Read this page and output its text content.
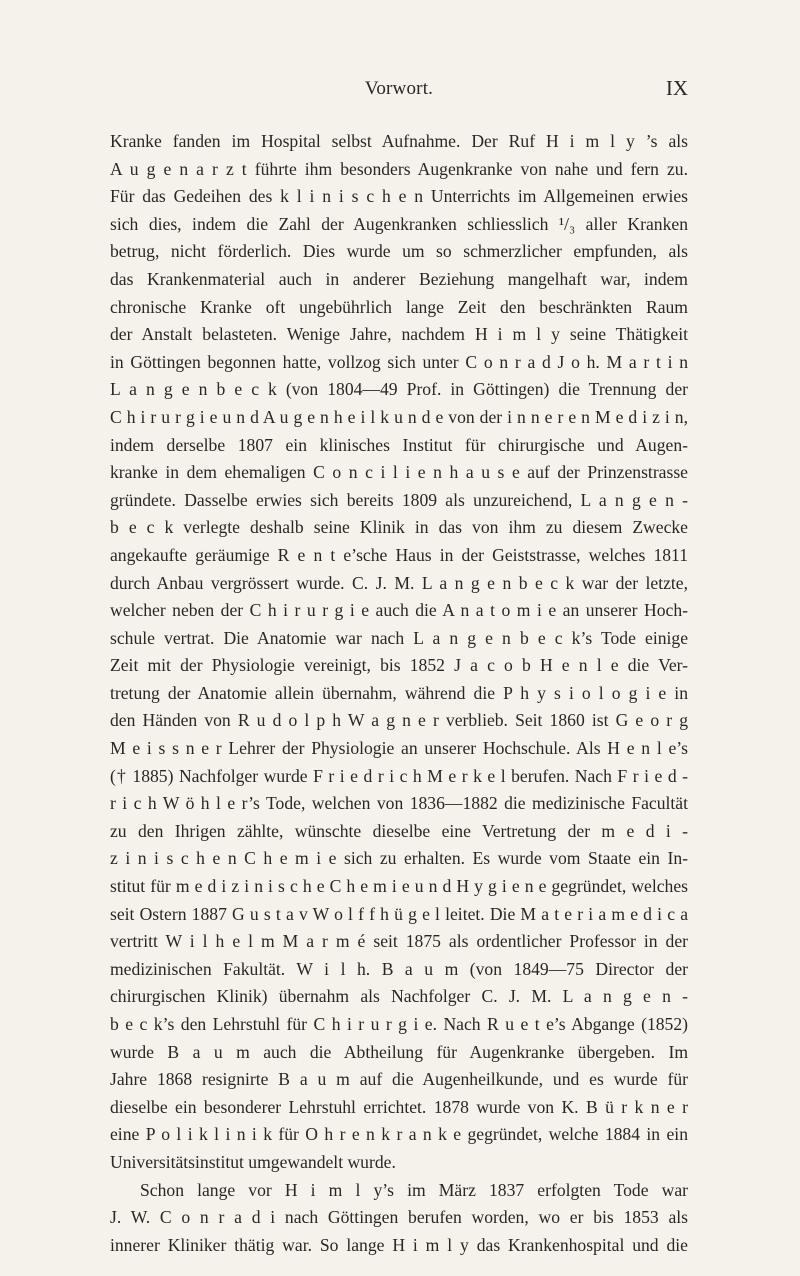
Vorwort.	IX
Kranke fanden im Hospital selbst Aufnahme. Der Ruf H i m l y ’s als
A u g e n a r z t führte ihm besonders Augenkranke von nahe und fern zu.
Für das Gedeihen des k l i n i s c h e n Unterrichts im Allgemeinen erwies
sich dies, indem die Zahl der Augenkranken schliesslich ¹/₃ aller Kranken
betrug, nicht förderlich. Dies wurde um so schmerzlicher empfunden, als
das Krankenmaterial auch in anderer Beziehung mangelhaft war, indem
chronische Kranke oft ungebührlich lange Zeit den beschränkten Raum
der Anstalt belasteten. Wenige Jahre, nachdem H i m l y seine Thätigkeit
in Göttingen begonnen hatte, vollzog sich unter C o n r a d J o h. M a r t i n
L a n g e n b e c k (von 1804—49 Prof. in Göttingen) die Trennung der
C h i r u r g i e u n d A u g e n h e i l k u n d e von der i n n e r e n M e d i z i n,
indem derselbe 1807 ein klinisches Institut für chirurgische und Augen-
kranke in dem ehemaligen C o n c i l i e n h a u s e auf der Prinzenstrasse
gründete. Dasselbe erwies sich bereits 1809 als unzureichend, L a n g e n -
b e c k verlegte deshalb seine Klinik in das von ihm zu diesem Zwecke
angekaufte geräumige R e n t e’sche Haus in der Geiststrasse, welches 1811
durch Anbau vergrössert wurde. C. J. M. L a n g e n b e c k war der letzte,
welcher neben der C h i r u r g i e auch die A n a t o m i e an unserer Hoch-
schule vertrat. Die Anatomie war nach L a n g e n b e c k’s Tode einige
Zeit mit der Physiologie vereinigt, bis 1852 J a c o b H e n l e die Ver-
tretung der Anatomie allein übernahm, während die P h y s i o l o g i e in
den Händen von R u d o l p h W a g n e r verblieb. Seit 1860 ist G e o r g
M e i s s n e r Lehrer der Physiologie an unserer Hochschule. Als H e n l e’s
(† 1885) Nachfolger wurde F r i e d r i c h M e r k e l berufen. Nach F r i e d -
r i c h W ö h l e r’s Tode, welchen von 1836—1882 die medizinische Facultät
zu den Ihrigen zählte, wünschte dieselbe eine Vertretung der m e d i -
z i n i s c h e n C h e m i e sich zu erhalten. Es wurde vom Staate ein In-
stitut für m e d i z i n i s c h e C h e m i e u n d H y g i e n e gegründet, welches
seit Ostern 1887 G u s t a v W o l f f h ü g e l leitet. Die M a t e r i a m e d i c a
vertritt W i l h e l m M a r m é seit 1875 als ordentlicher Professor in der
medizinischen Fakultät. W i l h. B a u m (von 1849—75 Director der
chirurgischen Klinik) übernahm als Nachfolger C. J. M. L a n g e n -
b e c k’s den Lehrstuhl für C h i r u r g i e. Nach R u e t e’s Abgange (1852)
wurde B a u m auch die Abtheilung für Augenkranke übergeben. Im
Jahre 1868 resignirte B a u m auf die Augenheilkunde, und es wurde für
dieselbe ein besonderer Lehrstuhl errichtet. 1878 wurde von K. B ü r k n e r
eine P o l i k l i n i k für O h r e n k r a n k e gegründet, welche 1884 in ein
Universitätsinstitut umgewandelt wurde.
Schon lange vor H i m l y’s im März 1837 erfolgten Tode war
J. W. C o n r a d i nach Göttingen berufen worden, wo er bis 1853 als
innerer Kliniker thätig war. So lange H i m l y das Krankenhospital und die
